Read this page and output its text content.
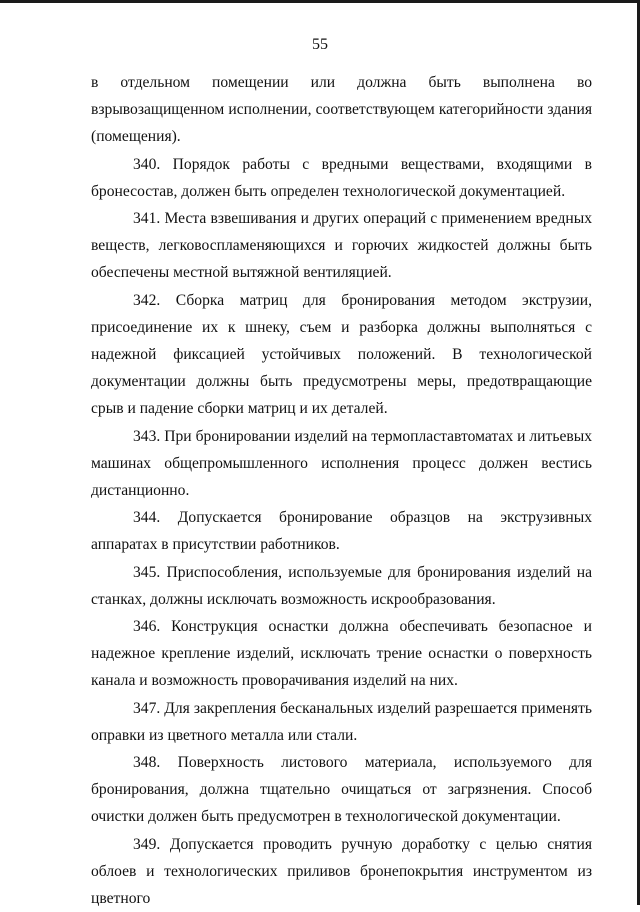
55

в отдельном помещении или должна быть выполнена во взрывозащищенном исполнении, соответствующем категорийности здания (помещения).

340. Порядок работы с вредными веществами, входящими в бронесостав, должен быть определен технологической документацией.

341. Места взвешивания и других операций с применением вредных веществ, легковоспламеняющихся и горючих жидкостей должны быть обеспечены местной вытяжной вентиляцией.

342. Сборка матриц для бронирования методом экструзии, присоединение их к шнеку, съем и разборка должны выполняться с надежной фиксацией устойчивых положений. В технологической документации должны быть предусмотрены меры, предотвращающие срыв и падение сборки матриц и их деталей.

343. При бронировании изделий на термопластавтоматах и литьевых машинах общепромышленного исполнения процесс должен вестись дистанционно.

344. Допускается бронирование образцов на экструзивных аппаратах в присутствии работников.

345. Приспособления, используемые для бронирования изделий на станках, должны исключать возможность искрообразования.

346. Конструкция оснастки должна обеспечивать безопасное и надежное крепление изделий, исключать трение оснастки о поверхность канала и возможность проворачивания изделий на них.

347. Для закрепления бесканальных изделий разрешается применять оправки из цветного металла или стали.

348. Поверхность листового материала, используемого для бронирования, должна тщательно очищаться от загрязнения. Способ очистки должен быть предусмотрен в технологической документации.

349. Допускается проводить ручную доработку с целью снятия облоев и технологических приливов бронепокрытия инструментом из цветного
